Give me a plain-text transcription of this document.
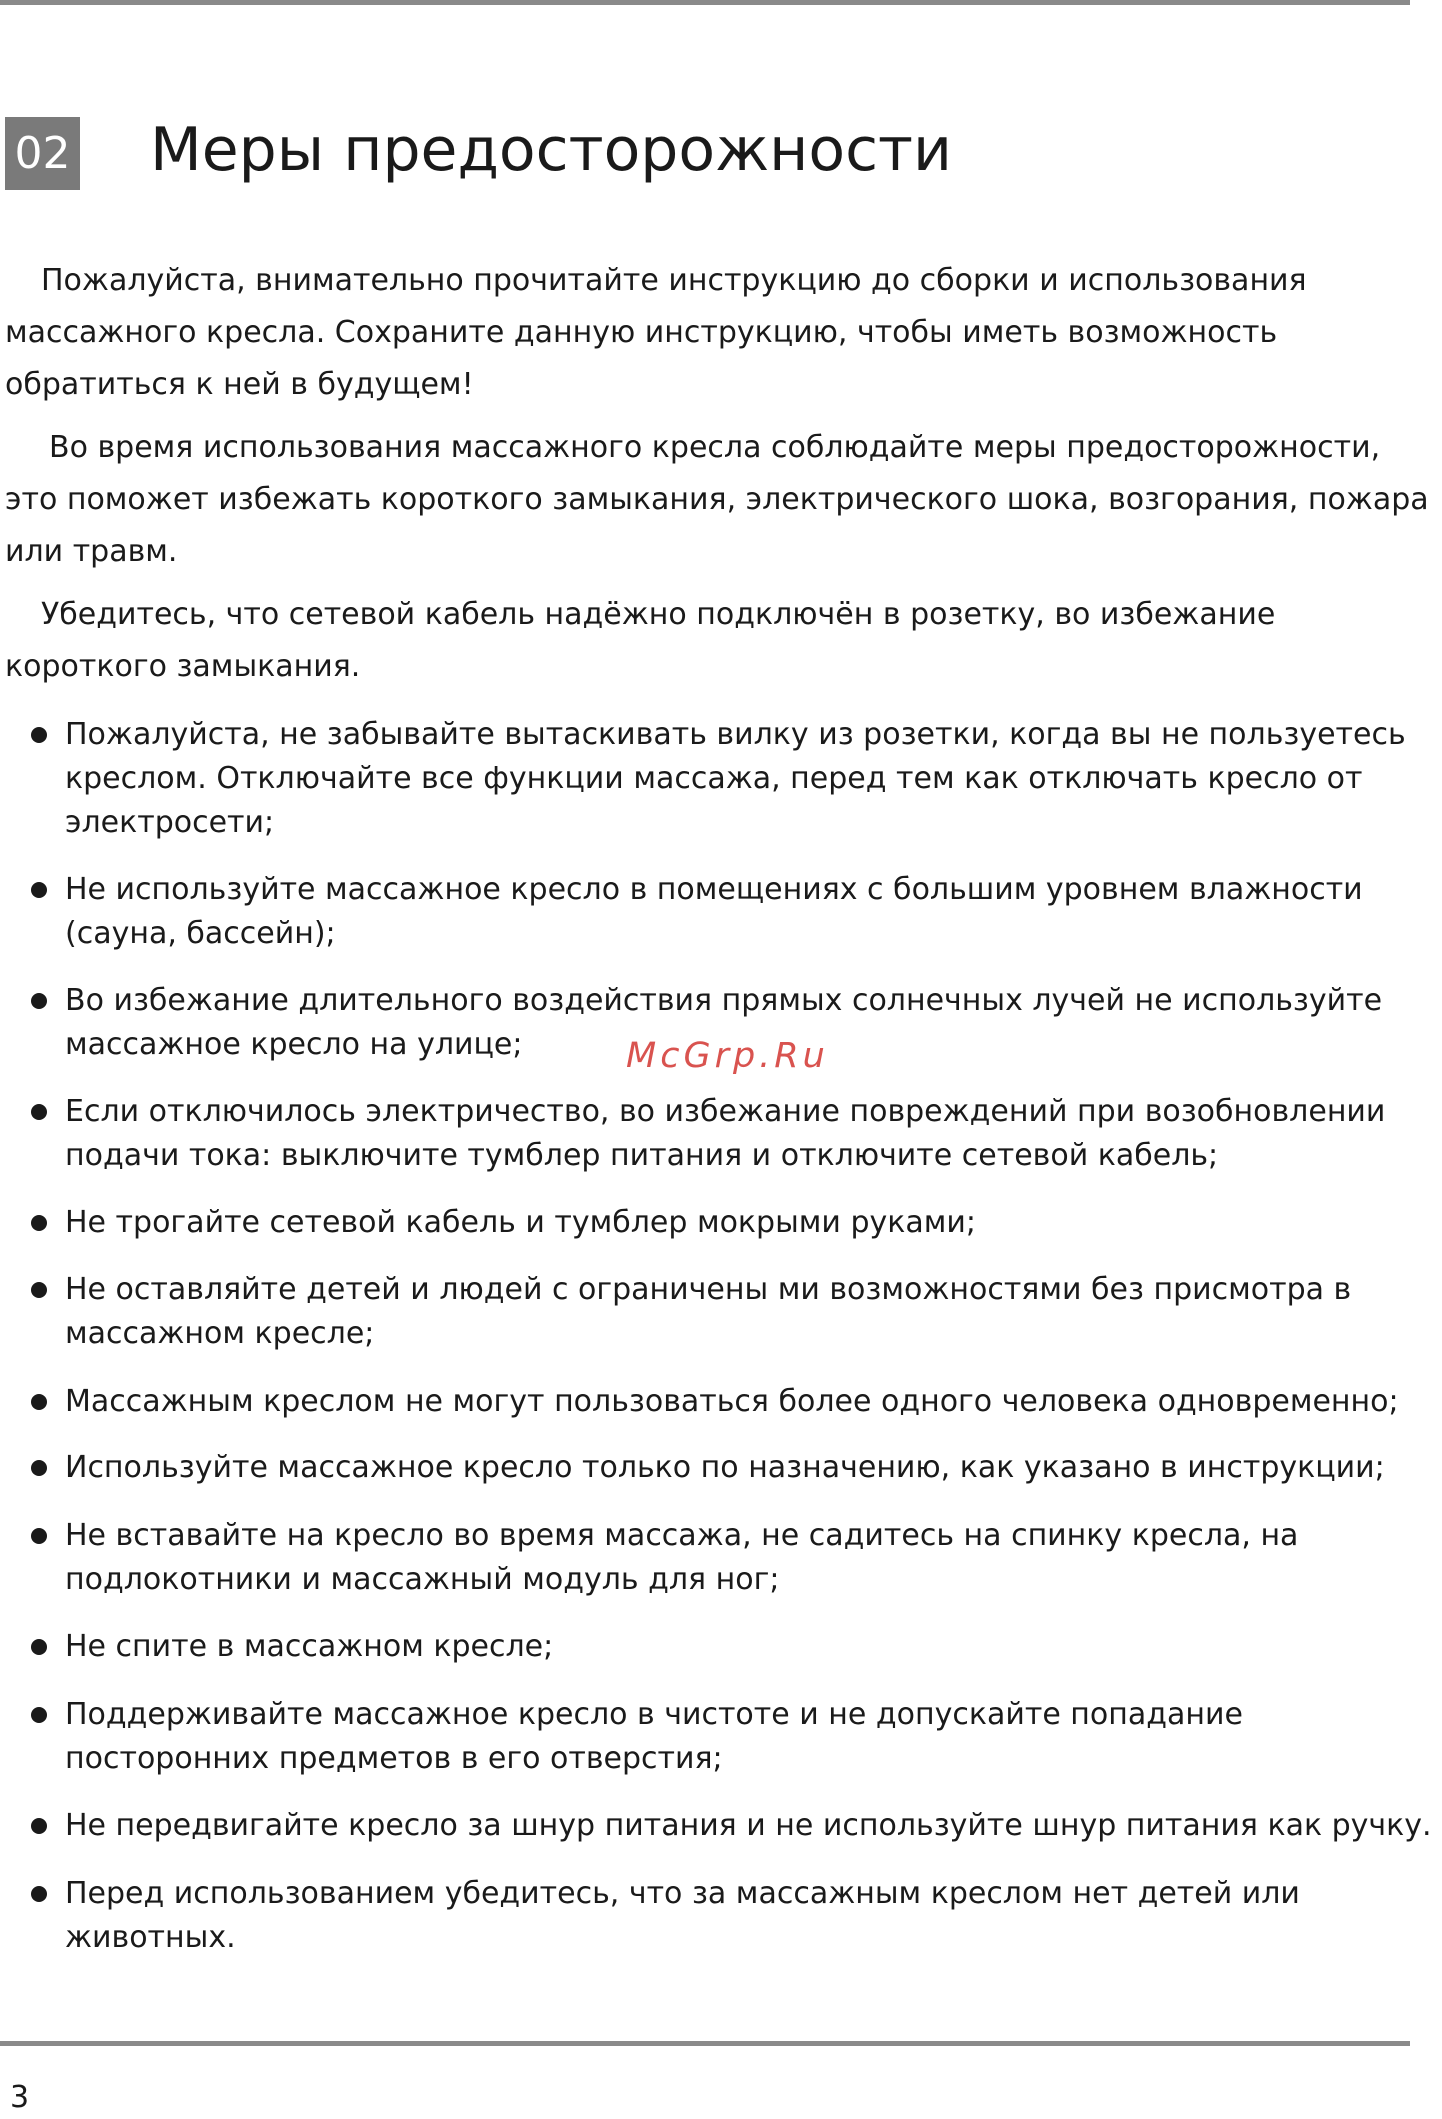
02 Меры предосторожности

Пожалуйста, внимательно прочитайте инструкцию до сборки и использования массажного кресла. Сохраните данную инструкцию, чтобы иметь возможность обратиться к ней в будущем!

Во время использования массажного кресла соблюдайте меры предосторожности, это поможет избежать короткого замыкания, электрического шока, возгорания, пожара или травм.

Убедитесь, что сетевой кабель надёжно подключён в розетку, во избежание короткого замыкания.

Пожалуйста, не забывайте вытаскивать вилку из розетки, когда вы не пользуетесь креслом. Отключайте все функции массажа, перед тем как отключать кресло от электросети;
Не используйте массажное кресло в помещениях с большим уровнем влажности (сауна, бассейн);
Во избежание длительного воздействия прямых солнечных лучей не используйте массажное кресло на улице;
Если отключилось электричество, во избежание повреждений при возобновлении подачи тока: выключите тумблер питания и отключите сетевой кабель;
Не трогайте сетевой кабель и тумблер мокрыми руками;
Не оставляйте детей и людей с ограничены ми возможностями без присмотра в массажном кресле;
Массажным креслом не могут пользоваться более одного человека одновременно;
Используйте массажное кресло только по назначению, как указано в инструкции;
Не вставайте на кресло во время массажа, не садитесь на спинку кресла, на подлокотники и массажный модуль для ног;
Не спите в массажном кресле;
Поддерживайте массажное кресло в чистоте и не допускайте попадание посторонних предметов в его отверстия;
Не передвигайте кресло за шнур питания и не используйте шнур питания как ручку.
Перед использованием убедитесь, что за массажным креслом нет детей или животных.
McGrp.Ru
3
